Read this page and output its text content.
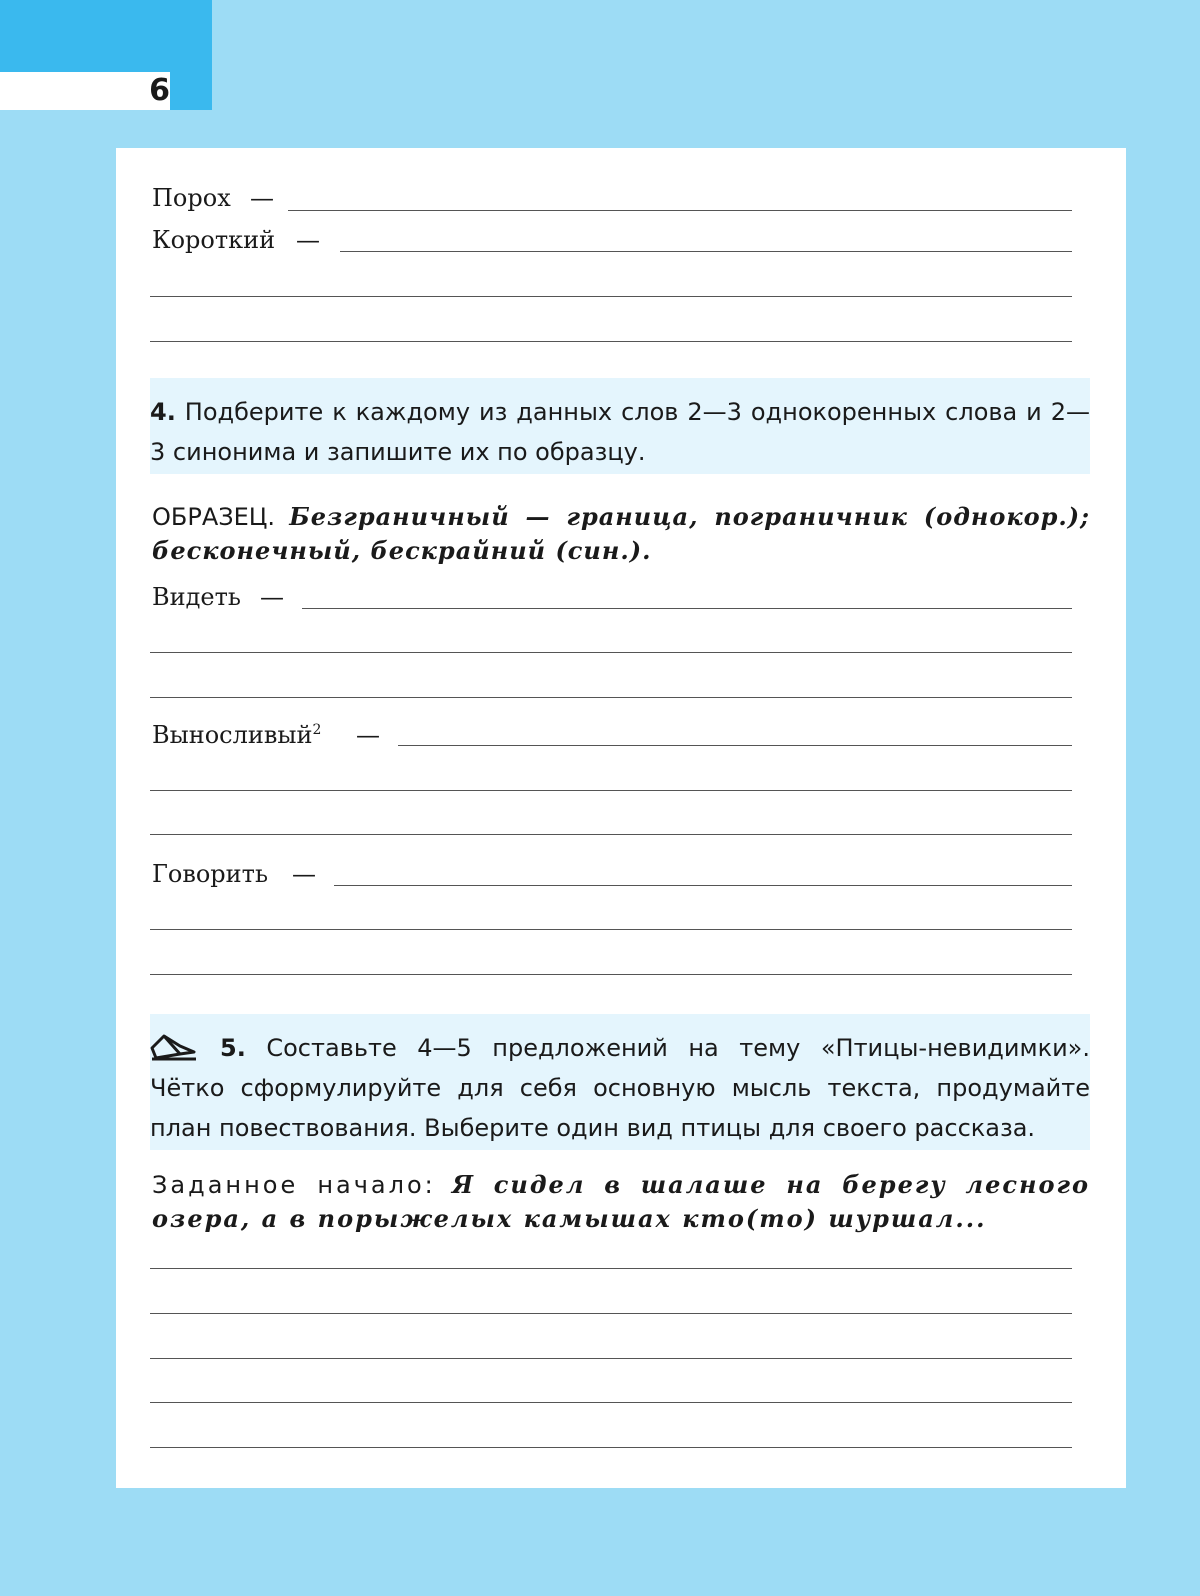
6
Порох —
Короткий —
4. Подберите к каждому из данных слов 2—3 однокоренных слова и 2—3 синонима и запишите их по образцу.
ОБРАЗЕЦ. Безграничный — граница, пограничник (однокор.); бесконечный, бескрайний (син.).
Видеть —
Выносливый$^2$ —
Говорить —
5. Составьте 4—5 предложений на тему «Птицы-невидимки». Чётко сформулируйте для себя основную мысль текста, продумайте план повествования. Выберите один вид птицы для своего рассказа.
Заданное начало: Я сидел в шалаше на берегу лесного озера, а в порыжелых камышах кто(то) шуршал...
